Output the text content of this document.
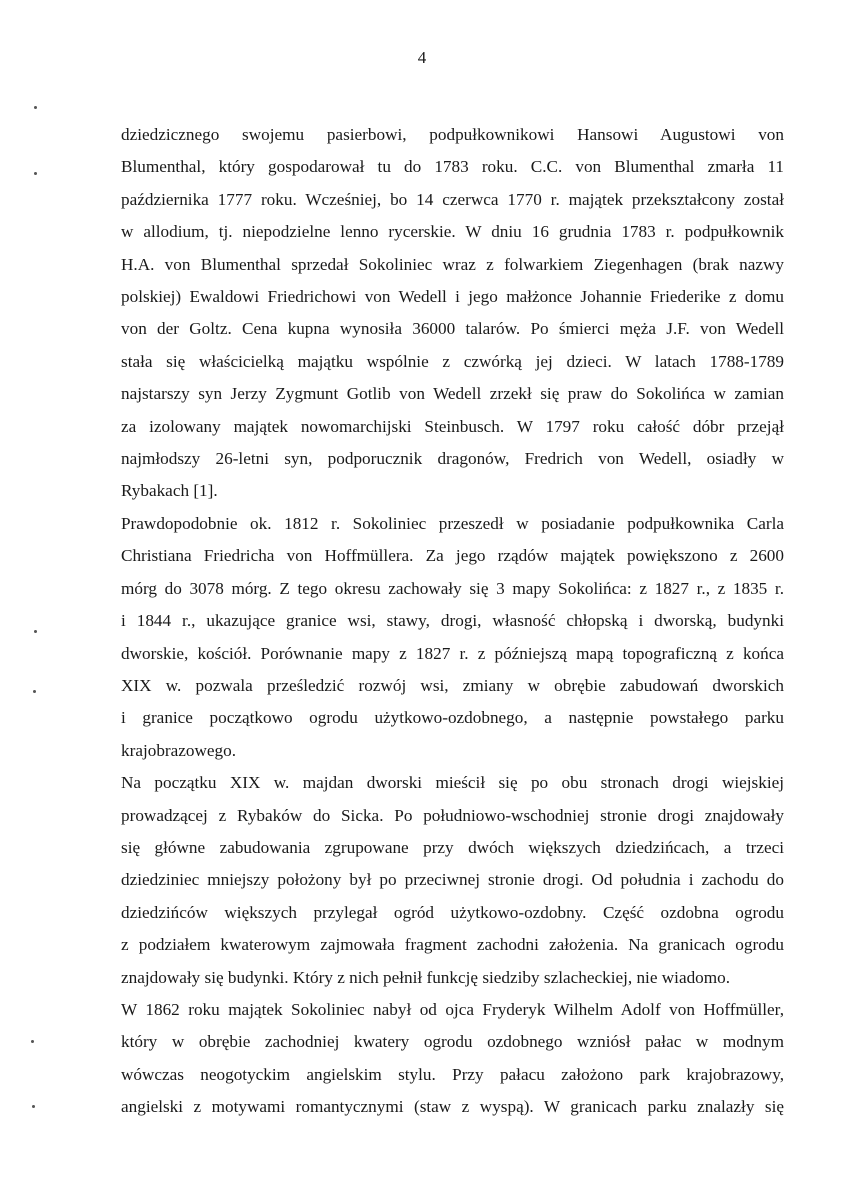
4

dziedzicznego swojemu pasierbowi, podpułkownikowi Hansowi Augustowi von
Blumenthal, który gospodarował tu do 1783 roku. C.C. von Blumenthal zmarła 11
października 1777 roku. Wcześniej, bo 14 czerwca 1770 r. majątek przekształcony został
w allodium, tj. niepodzielne lenno rycerskie. W dniu 16 grudnia 1783 r. podpułkownik
H.A. von Blumenthal sprzedał Sokoliniec wraz z folwarkiem Ziegenhagen (brak nazwy
polskiej) Ewaldowi Friedrichowi von Wedell i jego małżonce Johannie Friederike z domu
von der Goltz. Cena kupna wynosiła 36000 talarów. Po śmierci męża J.F. von Wedell
stała się właścicielką majątku wspólnie z czwórką jej dzieci. W latach 1788-1789
najstarszy syn Jerzy Zygmunt Gotlib von Wedell zrzekł się praw do Sokolińca w zamian
za izolowany majątek nowomarchijski Steinbusch. W 1797 roku całość dóbr przejął
najmłodszy 26-letni syn, podporucznik dragonów, Fredrich von Wedell, osiadły w
Rybakach [1].

Prawdopodobnie ok. 1812 r. Sokoliniec przeszedł w posiadanie podpułkownika Carla
Christiana Friedricha von Hoffmüllera. Za jego rządów majątek powiększono z 2600
mórg do 3078 mórg. Z tego okresu zachowały się 3 mapy Sokolińca: z 1827 r., z 1835 r.
i 1844 r., ukazujące granice wsi, stawy, drogi, własność chłopską i dworską, budynki
dworskie, kościół. Porównanie mapy z 1827 r. z późniejszą mapą topograficzną z końca
XIX w. pozwala prześledzić rozwój wsi, zmiany w obrębie zabudowań dworskich
i granice początkowo ogrodu użytkowo-ozdobnego, a następnie powstałego parku
krajobrazowego.

Na początku XIX w. majdan dworski mieścił się po obu stronach drogi wiejskiej
prowadzącej z Rybaków do Sicka. Po południowo-wschodniej stronie drogi znajdowały
się główne zabudowania zgrupowane przy dwóch większych dziedzińcach, a trzeci
dziedziniec mniejszy położony był po przeciwnej stronie drogi. Od południa i zachodu do
dziedzińców większych przylegał ogród użytkowo-ozdobny. Część ozdobna ogrodu
z podziałem kwaterowym zajmowała fragment zachodni założenia. Na granicach ogrodu
znajdowały się budynki. Który z nich pełnił funkcję siedziby szlacheckiej, nie wiadomo.

W 1862 roku majątek Sokoliniec nabył od ojca Fryderyk Wilhelm Adolf von Hoffmüller,
który w obrębie zachodniej kwatery ogrodu ozdobnego wzniósł pałac w modnym
wówczas neogotyckim angielskim stylu. Przy pałacu założono park krajobrazowy,
angielski z motywami romantycznymi (staw z wyspą). W granicach parku znalazły się
